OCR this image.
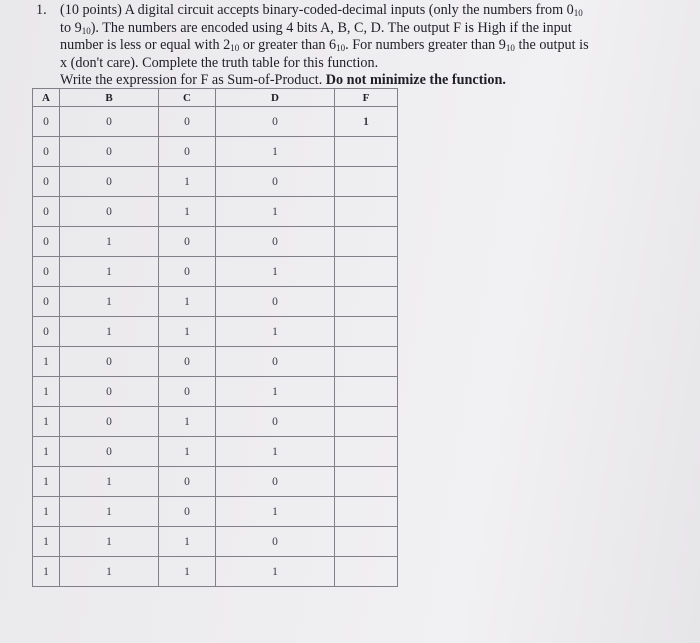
1. (10 points) A digital circuit accepts binary-coded-decimal inputs (only the numbers from $0_{10}$

to $9_{10}$). The numbers are encoded using 4 bits A, B, C, D. The output F is High if the input

number is less or equal with $2_{10}$ or greater than $6_{10}$. For numbers greater than $9_{10}$ the output is

x (don't care). Complete the truth table for this function.

Write the expression for F as Sum-of-Product. Do not minimize the function.

A	B	C	D	F
0	0	0	0	1
0	0	0	1	
0	0	1	0	
0	0	1	1	
0	1	0	0	
0	1	0	1	
0	1	1	0	
0	1	1	1	
1	0	0	0	
1	0	0	1	
1	0	1	0	
1	0	1	1	
1	1	0	0	
1	1	0	1	
1	1	1	0	
1	1	1	1	
